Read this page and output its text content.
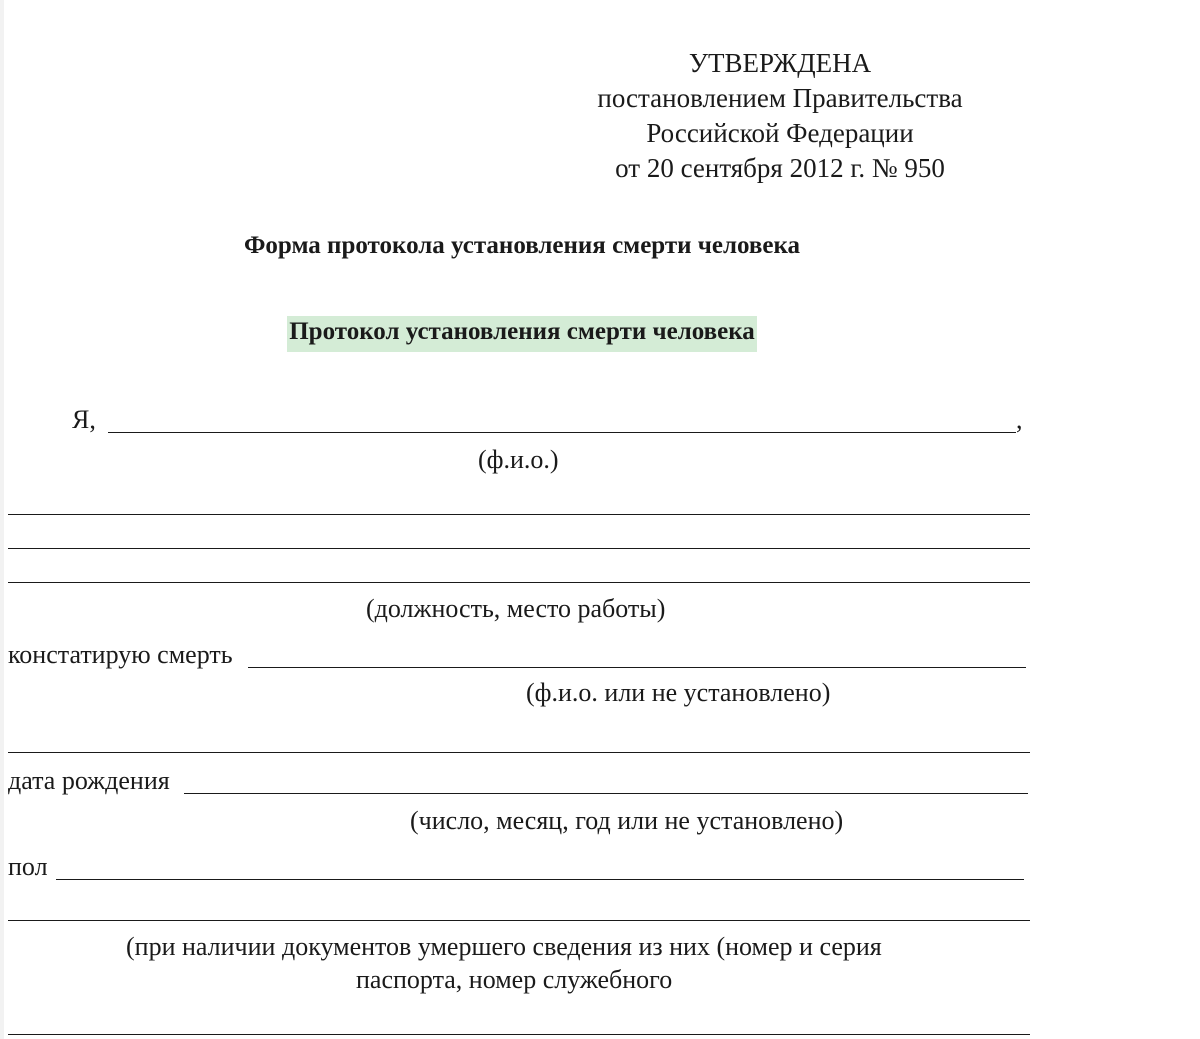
УТВЕРЖДЕНА
постановлением Правительства
Российской Федерации
от 20 сентября 2012 г. № 950
Форма протокола установления смерти человека
Протокол установления смерти человека
Я,	,
(ф.и.о.)
(должность, место работы)
констатирую смерть
(ф.и.о. или не установлено)
дата рождения
(число, месяц, год или не установлено)
пол
(при наличии документов умершего сведения из них (номер и серия
паспорта, номер служебного
